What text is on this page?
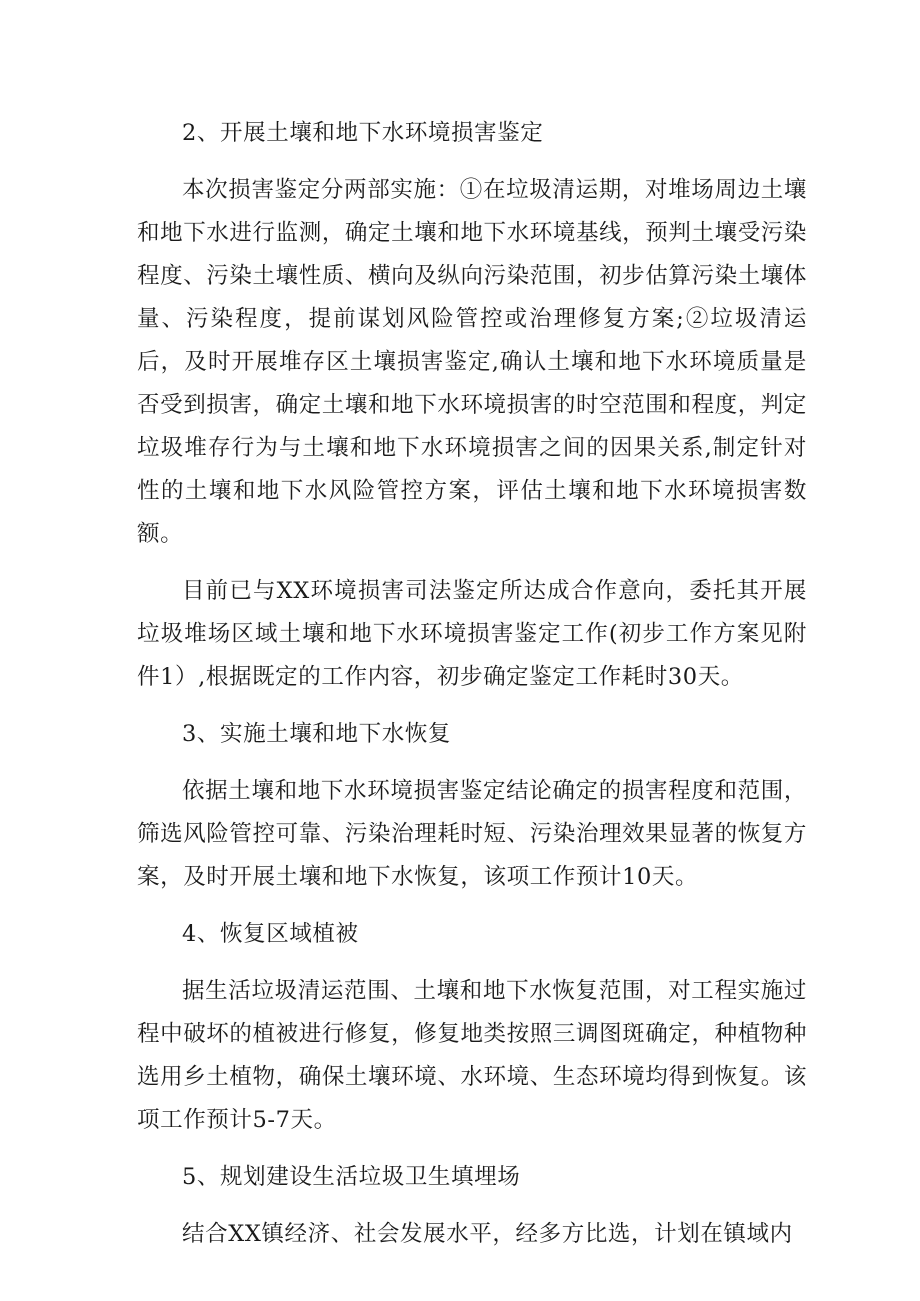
2、开展土壤和地下水环境损害鉴定

本次损害鉴定分两部实施：①在垃圾清运期，对堆场周边土壤和地下水进行监测，确定土壤和地下水环境基线，预判土壤受污染程度、污染土壤性质、横向及纵向污染范围，初步估算污染土壤体量、污染程度，提前谋划风险管控或治理修复方案;②垃圾清运后，及时开展堆存区土壤损害鉴定,确认土壤和地下水环境质量是否受到损害，确定土壤和地下水环境损害的时空范围和程度，判定垃圾堆存行为与土壤和地下水环境损害之间的因果关系,制定针对性的土壤和地下水风险管控方案，评估土壤和地下水环境损害数额。

目前已与XX环境损害司法鉴定所达成合作意向，委托其开展垃圾堆场区域土壤和地下水环境损害鉴定工作(初步工作方案见附件1）,根据既定的工作内容，初步确定鉴定工作耗时30天。

3、实施土壤和地下水恢复

依据土壤和地下水环境损害鉴定结论确定的损害程度和范围，筛选风险管控可靠、污染治理耗时短、污染治理效果显著的恢复方案，及时开展土壤和地下水恢复，该项工作预计10天。

4、恢复区域植被

据生活垃圾清运范围、土壤和地下水恢复范围，对工程实施过程中破坏的植被进行修复，修复地类按照三调图斑确定，种植物种选用乡土植物，确保土壤环境、水环境、生态环境均得到恢复。该项工作预计5-7天。

5、规划建设生活垃圾卫生填埋场

结合XX镇经济、社会发展水平，经多方比选，计划在镇域内
